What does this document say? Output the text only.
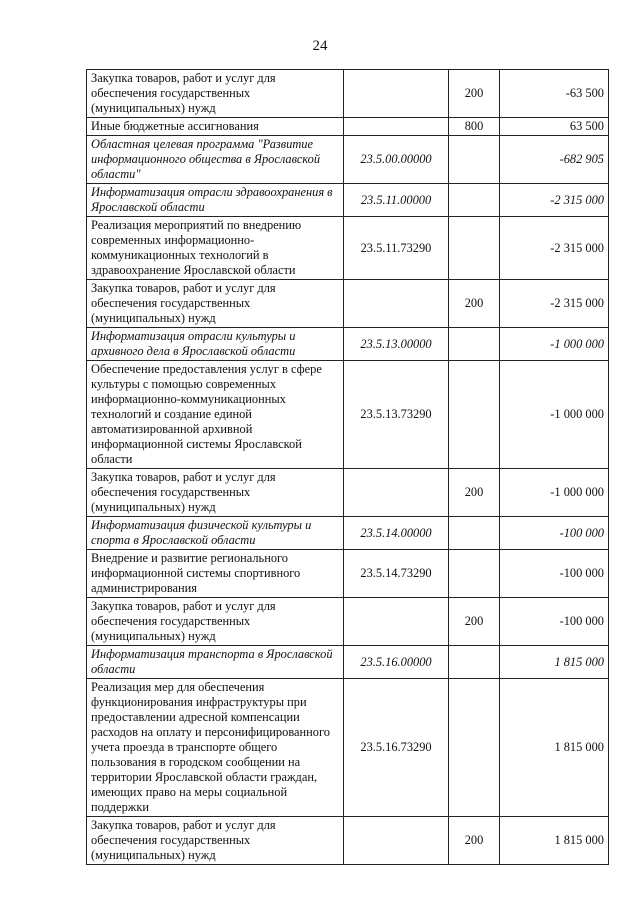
24
Закупка товаров, работ и услуг для обеспечения государственных (муниципальных) нужд		200	-63 500
Иные бюджетные ассигнования		800	63 500
Областная целевая программа "Развитие информационного общества в Ярославской области"	23.5.00.00000		-682 905
Информатизация отрасли здравоохранения в Ярославской области	23.5.11.00000		-2 315 000
Реализация мероприятий по внедрению современных информационно-коммуникационных технологий в здравоохранение Ярославской области	23.5.11.73290		-2 315 000
Закупка товаров, работ и услуг для обеспечения государственных (муниципальных) нужд		200	-2 315 000
Информатизация отрасли культуры и архивного дела в Ярославской области	23.5.13.00000		-1 000 000
Обеспечение предоставления услуг в сфере культуры с помощью современных информационно-коммуникационных технологий и создание единой автоматизированной архивной информационной системы Ярославской области	23.5.13.73290		-1 000 000
Закупка товаров, работ и услуг для обеспечения государственных (муниципальных) нужд		200	-1 000 000
Информатизация физической культуры и спорта в Ярославской области	23.5.14.00000		-100 000
Внедрение и развитие регионального информационной системы спортивного администрирования	23.5.14.73290		-100 000
Закупка товаров, работ и услуг для обеспечения государственных (муниципальных) нужд		200	-100 000
Информатизация транспорта в Ярославской области	23.5.16.00000		1 815 000
Реализация мер для обеспечения функционирования инфраструктуры при предоставлении адресной компенсации расходов на оплату и персонифицированного учета проезда в транспорте общего пользования в городском сообщении на территории Ярославской области граждан, имеющих право на меры социальной поддержки	23.5.16.73290		1 815 000
Закупка товаров, работ и услуг для обеспечения государственных (муниципальных) нужд		200	1 815 000
